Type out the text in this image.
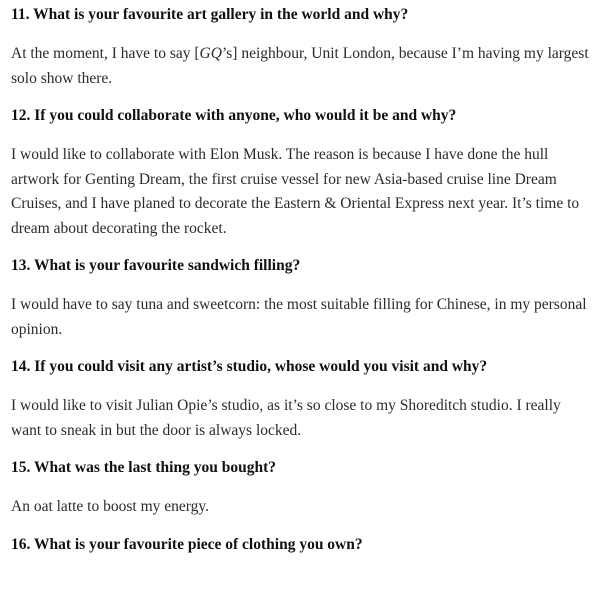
11. What is your favourite art gallery in the world and why?

At the moment, I have to say [GQ’s] neighbour, Unit London, because I’m having my largest solo show there.

12. If you could collaborate with anyone, who would it be and why?

I would like to collaborate with Elon Musk. The reason is because I have done the hull artwork for Genting Dream, the first cruise vessel for new Asia-based cruise line Dream Cruises, and I have planed to decorate the Eastern & Oriental Express next year. It’s time to dream about decorating the rocket.

13. What is your favourite sandwich filling?

I would have to say tuna and sweetcorn: the most suitable filling for Chinese, in my personal opinion.

14. If you could visit any artist’s studio, whose would you visit and why?

I would like to visit Julian Opie’s studio, as it’s so close to my Shoreditch studio. I really want to sneak in but the door is always locked.

15. What was the last thing you bought?

An oat latte to boost my energy.

16. What is your favourite piece of clothing you own?
